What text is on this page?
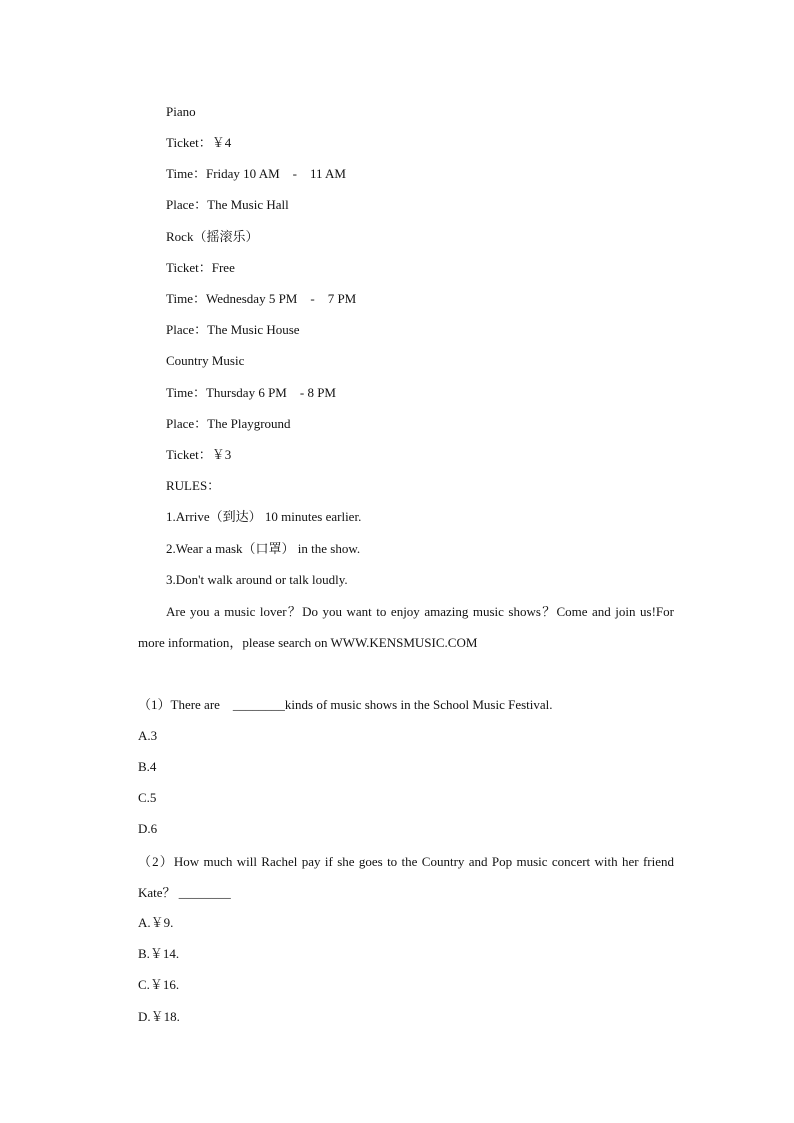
Piano
Ticket：￥4
Time：Friday 10 AM　-　11 AM
Place：The Music Hall
Rock（摇滚乐）
Ticket：Free
Time：Wednesday 5 PM　-　7 PM
Place：The Music House
Country Music
Time：Thursday 6 PM　- 8 PM
Place：The Playground
Ticket：￥3
RULES：
1.Arrive（到达） 10 minutes earlier.
2.Wear a mask（口罩） in the show.
3.Don't walk around or talk loudly.
Are you a music lover？Do you want to enjoy amazing music shows？Come and join us!For more information，please search on WWW.KENSMUSIC.COM
（1）There are　________kinds of music shows in the School Music Festival.
A.3
B.4
C.5
D.6
（2）How much will Rachel pay if she goes to the Country and Pop music concert with her friend Kate？ ________
A.￥9.
B.￥14.
C.￥16.
D.￥18.
